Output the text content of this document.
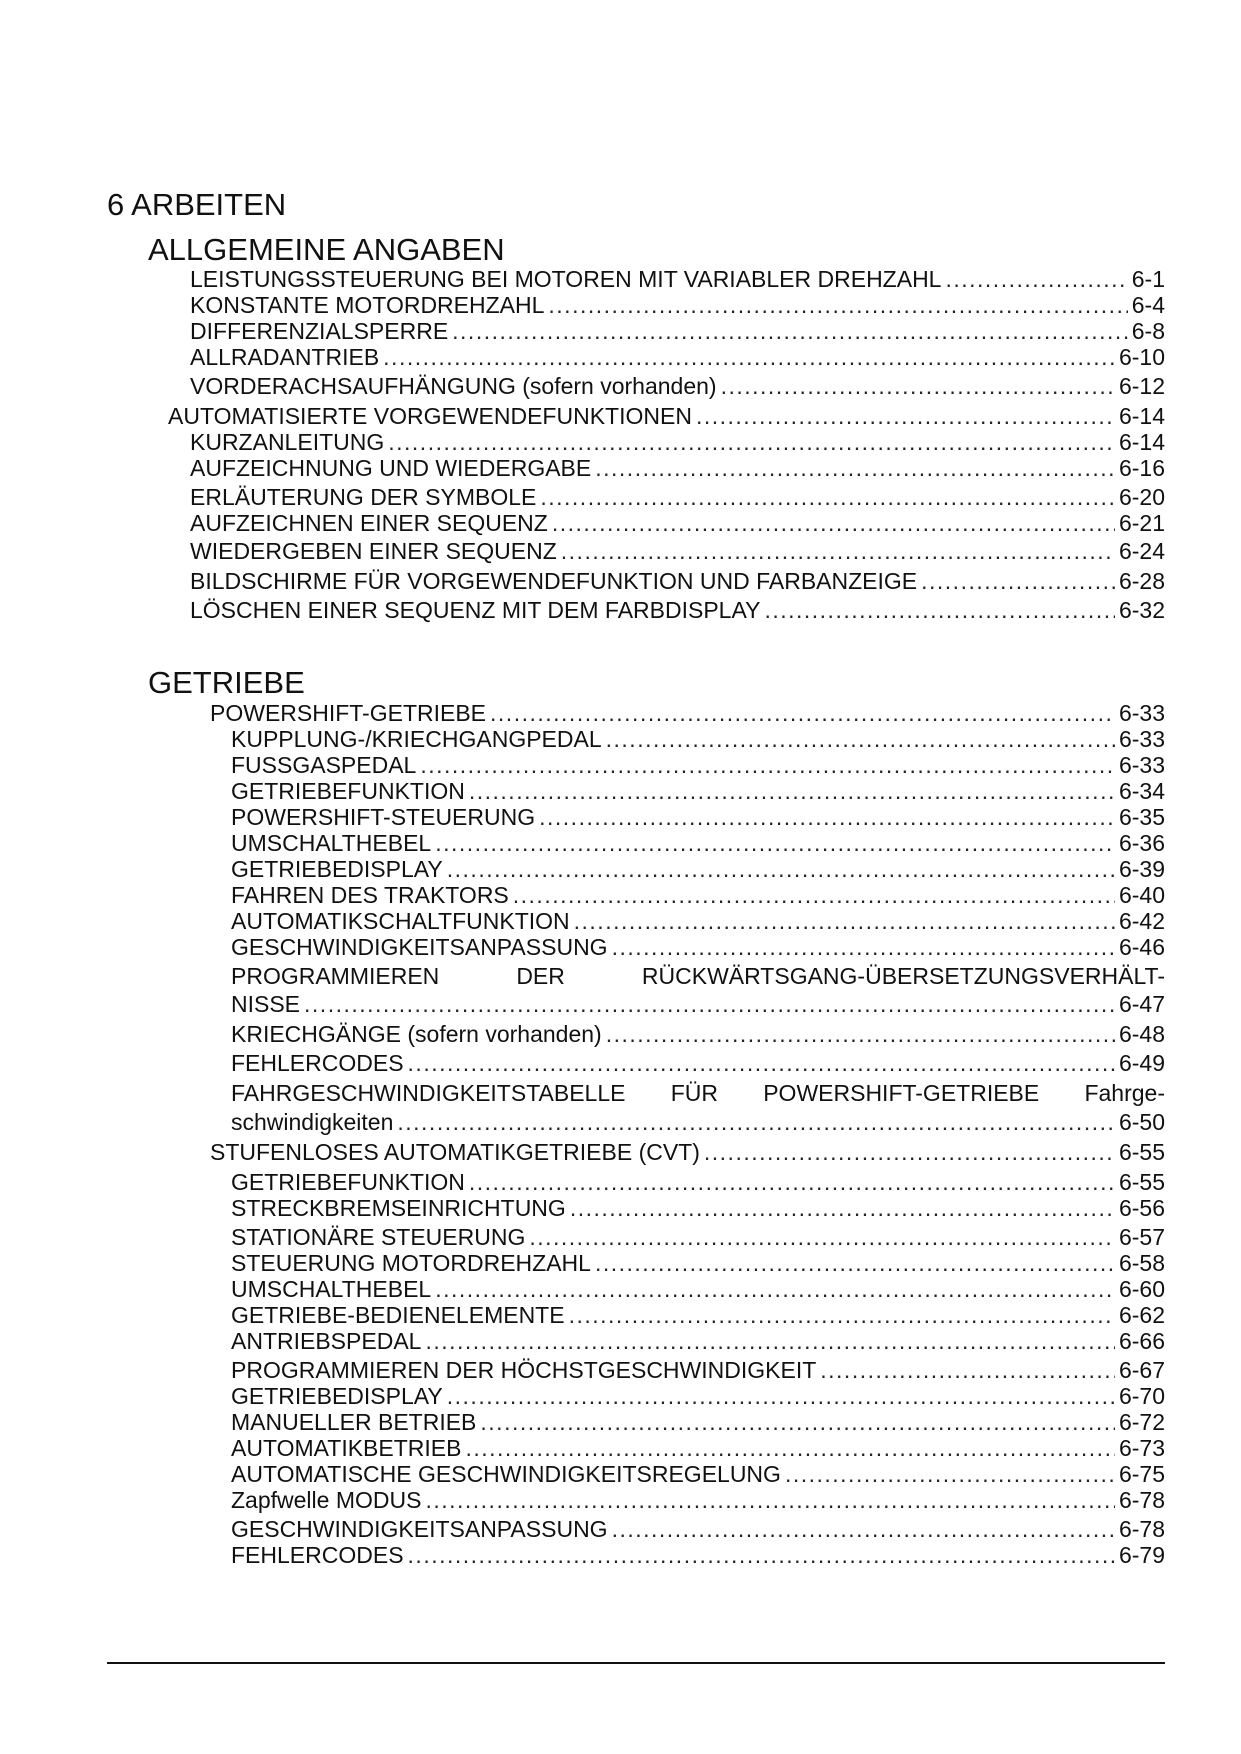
6 ARBEITEN
ALLGEMEINE ANGABEN
LEISTUNGSSTEUERUNG BEI MOTOREN MIT VARIABLER DREHZAHL .....	6-1
KONSTANTE MOTORDREHZAHL .....	6-4
DIFFERENZIALSPERRE .....	6-8
ALLRADANTRIEB .....	6-10
VORDERACHSAUFHÄNGUNG (sofern vorhanden) .....	6-12
AUTOMATISIERTE VORGEWENDEFUNKTIONEN .....	6-14
KURZANLEITUNG .....	6-14
AUFZEICHNUNG UND WIEDERGABE .....	6-16
ERLÄUTERUNG DER SYMBOLE .....	6-20
AUFZEICHNEN EINER SEQUENZ .....	6-21
WIEDERGEBEN EINER SEQUENZ .....	6-24
BILDSCHIRME FÜR VORGEWENDEFUNKTION UND FARBANZEIGE .....	6-28
LÖSCHEN EINER SEQUENZ MIT DEM FARBDISPLAY .....	6-32
GETRIEBE
POWERSHIFT-GETRIEBE .....	6-33
KUPPLUNG-/KRIECHGANGPEDAL .....	6-33
FUSSGASPEDAL .....	6-33
GETRIEBEFUNKTION .....	6-34
POWERSHIFT-STEUERUNG .....	6-35
UMSCHALTHEBEL .....	6-36
GETRIEBEDISPLAY .....	6-39
FAHREN DES TRAKTORS .....	6-40
AUTOMATIKSCHALTFUNKTION .....	6-42
GESCHWINDIGKEITSANPASSUNG .....	6-46
PROGRAMMIEREN DER RÜCKWÄRTSGANG-ÜBERSETZUNGSVERHÄLT-
NISSE .....	6-47
KRIECHGÄNGE (sofern vorhanden) .....	6-48
FEHLERCODES .....	6-49
FAHRGESCHWINDIGKEITSTABELLE FÜR POWERSHIFT-GETRIEBE Fahrge-
schwindigkeiten .....	6-50
STUFENLOSES AUTOMATIKGETRIEBE (CVT) .....	6-55
GETRIEBEFUNKTION .....	6-55
STRECKBREMSEINRICHTUNG .....	6-56
STATIONÄRE STEUERUNG .....	6-57
STEUERUNG MOTORDREHZAHL .....	6-58
UMSCHALTHEBEL .....	6-60
GETRIEBE-BEDIENELEMENTE .....	6-62
ANTRIEBSPEDAL .....	6-66
PROGRAMMIEREN DER HÖCHSTGESCHWINDIGKEIT .....	6-67
GETRIEBEDISPLAY .....	6-70
MANUELLER BETRIEB .....	6-72
AUTOMATIKBETRIEB .....	6-73
AUTOMATISCHE GESCHWINDIGKEITSREGELUNG .....	6-75
Zapfwelle MODUS .....	6-78
GESCHWINDIGKEITSANPASSUNG .....	6-78
FEHLERCODES .....	6-79
